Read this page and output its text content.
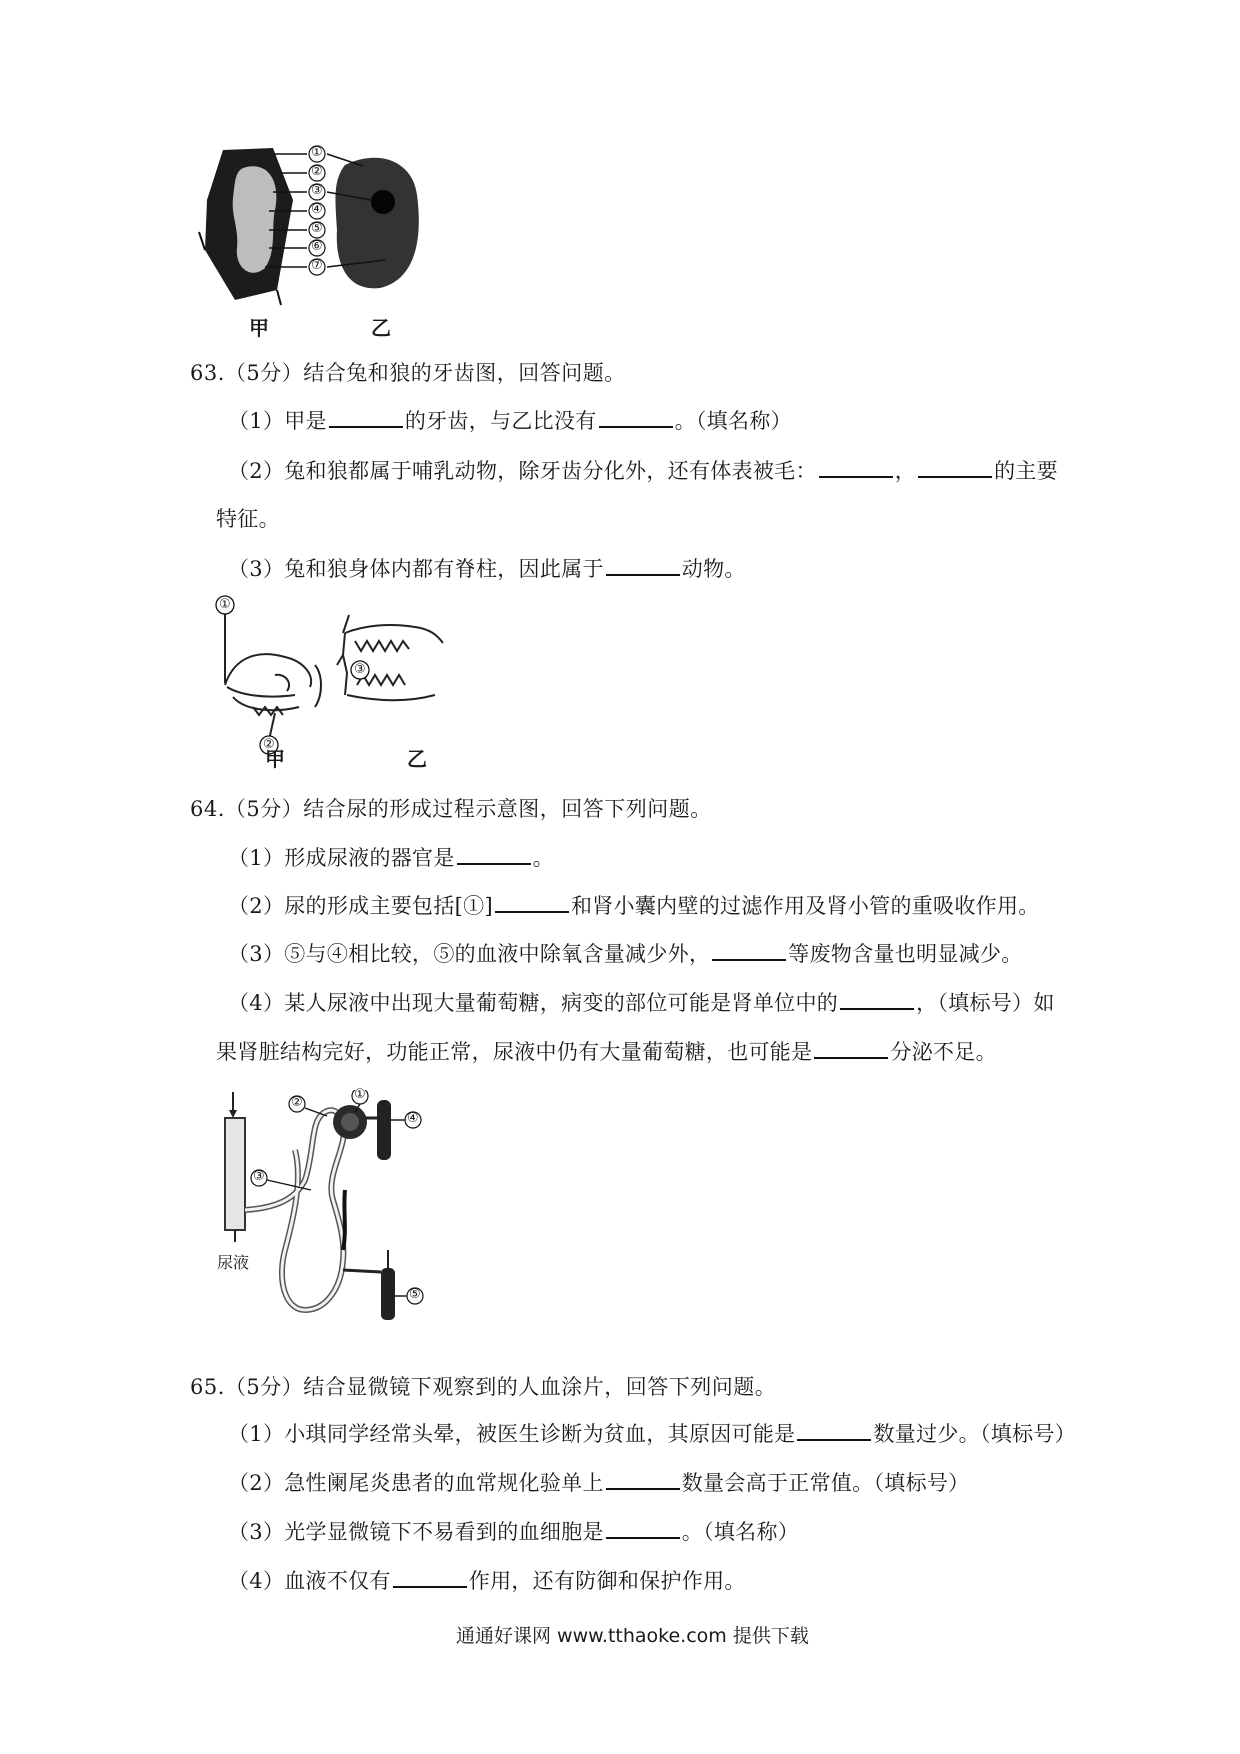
①
②
③
④
⑤
⑥
⑦
甲	乙
63.（5分）结合兔和狼的牙齿图，回答问题。
（1）甲是	的牙齿，与乙比没有	。（填名称）
（2）兔和狼都属于哺乳动物，除牙齿分化外，还有体表被毛：	，	的主要
特征。
（3）兔和狼身体内都有脊柱，因此属于	动物。
①
②
③
甲	乙
64.（5分）结合尿的形成过程示意图，回答下列问题。
（1）形成尿液的器官是	。
（2）尿的形成主要包括[①]	和肾小囊内壁的过滤作用及肾小管的重吸收作用。
（3）⑤与④相比较，⑤的血液中除氧含量减少外，	等废物含量也明显减少。
（4）某人尿液中出现大量葡萄糖，病变的部位可能是肾单位中的	，（填标号）如
果肾脏结构完好，功能正常，尿液中仍有大量葡萄糖，也可能是	分泌不足。
②
①
④
③
⑤
尿液
65.（5分）结合显微镜下观察到的人血涂片，回答下列问题。
（1）小琪同学经常头晕，被医生诊断为贫血，其原因可能是	数量过少。（填标号）
（2）急性阑尾炎患者的血常规化验单上	数量会高于正常值。（填标号）
（3）光学显微镜下不易看到的血细胞是	。（填名称）
（4）血液不仅有	作用，还有防御和保护作用。
通通好课网 www.tthaoke.com 提供下载
